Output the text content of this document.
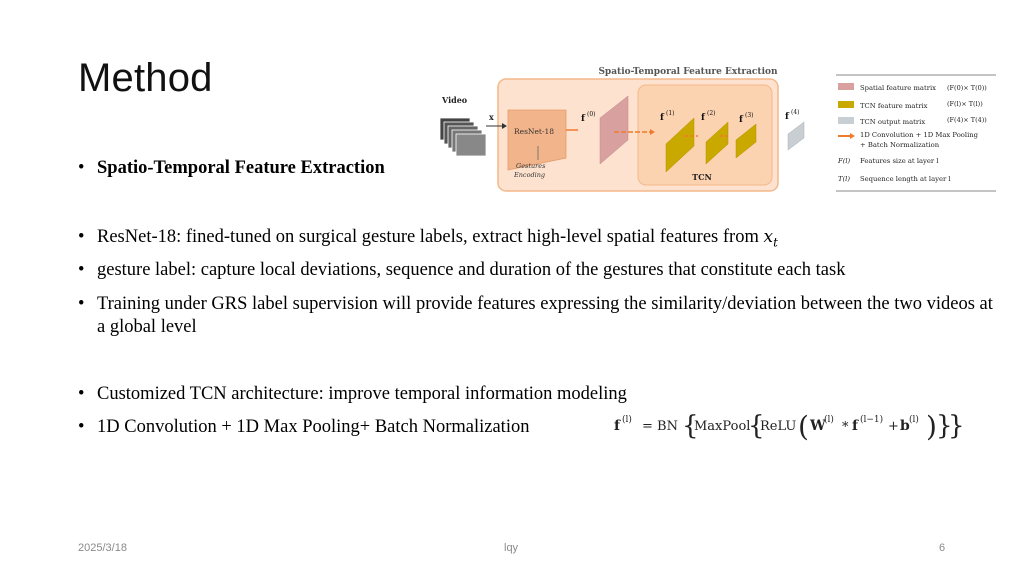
Method
• Spatio-Temporal Feature Extraction
• ResNet-18: fined-tuned on surgical gesture labels, extract high-level spatial features from $x_t$
• gesture label: capture local deviations, sequence and duration of the gestures that constitute each task
• Training under GRS label supervision will provide features expressing the similarity/deviation between the two videos at a global level
• Customized TCN architecture: improve temporal information modeling
• 1D Convolution + 1D Max Pooling+ Batch Normalization
Spatio-Temporal Feature Extraction
Video
x
ResNet-18
Gestures
Encoding
f (0)	f (1)	f (2)
f (3)
TCN
f (4)
Spatial feature matrix (F(0)× T(0))
TCN feature matrix	(F(l)× T(l))
TCN output matrix	(F(4)× T(4))
1D Convolution + 1D Max Pooling
+ Batch Normalization
F(l) Features size at layer l
T(l) Sequence length at layer l
f (l) = BN {
MaxPool
{
ReLU ( W
(l) * f (l−1) + b (l) ) }
}
2025/3/18	lqy	6
